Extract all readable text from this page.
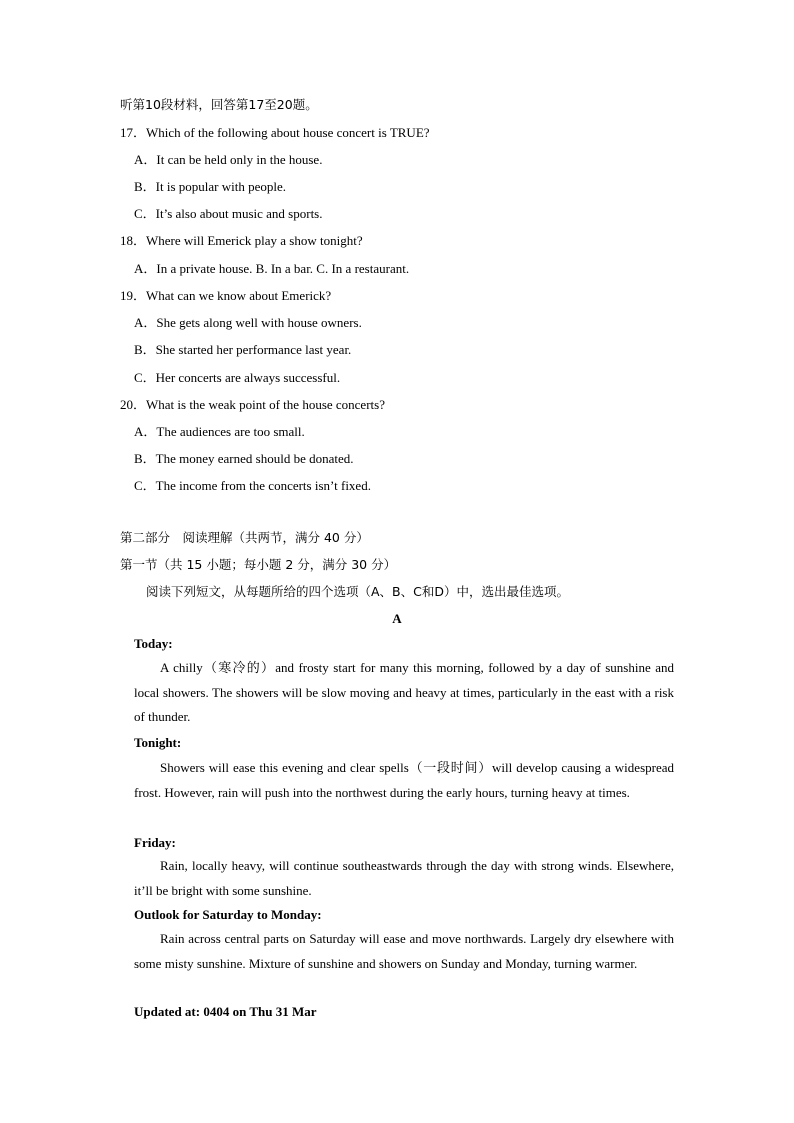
听第10段材料，回答第17至20题。
17．Which of the following about house concert is TRUE?
A．It can be held only in the house.
B．It is popular with people.
C．It’s also about music and sports.
18．Where will Emerick play a show tonight?
A．In a private house. B. In a bar. C. In a restaurant.
19．What can we know about Emerick?
A．She gets along well with house owners.
B．She started her performance last year.
C．Her concerts are always successful.
20．What is the weak point of the house concerts?
A．The audiences are too small.
B．The money earned should be donated.
C．The income from the concerts isn’t fixed.
第二部分　阅读理解（共两节，满分 40 分）
第一节（共 15 小题；每小题 2 分，满分 30 分）
阅读下列短文，从每题所给的四个选项（A、B、C和D）中，选出最佳选项。
A
Today:
A chilly（寒冷的）and frosty start for many this morning, followed by a day of sunshine and local showers. The showers will be slow moving and heavy at times, particularly in the east with a risk of thunder.
Tonight:
Showers will ease this evening and clear spells（一段时间）will develop causing a widespread frost. However, rain will push into the northwest during the early hours, turning heavy at times.
Friday:
Rain, locally heavy, will continue southeastwards through the day with strong winds. Elsewhere, it’ll be bright with some sunshine.
Outlook for Saturday to Monday:
Rain across central parts on Saturday will ease and move northwards. Largely dry elsewhere with some misty sunshine. Mixture of sunshine and showers on Sunday and Monday, turning warmer.
Updated at: 0404 on Thu 31 Mar
